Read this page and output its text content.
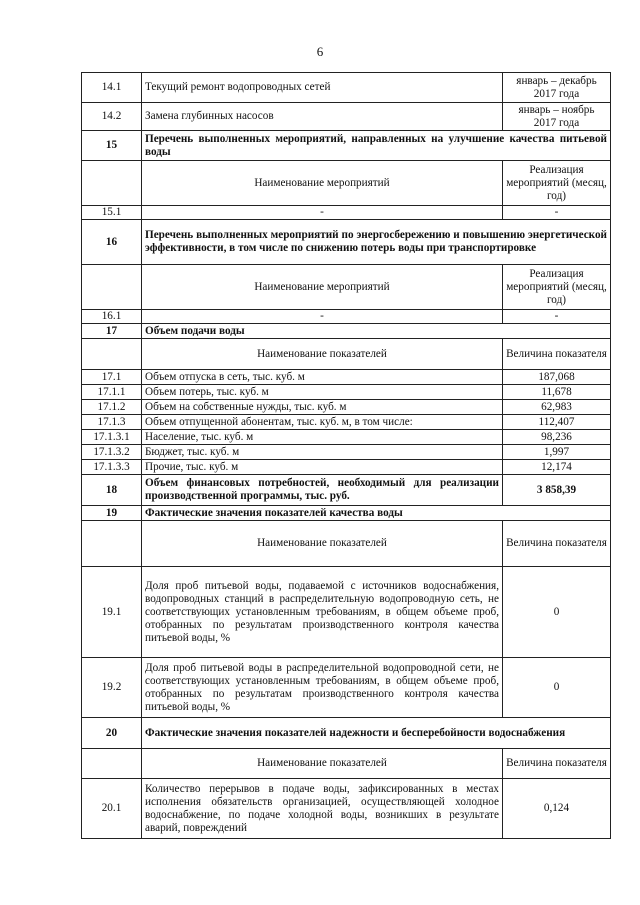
6
14.1	Текущий ремонт водопроводных сетей	январь – декабрь 2017 года
14.2	Замена глубинных насосов	январь – ноябрь 2017 года
15	Перечень выполненных мероприятий, направленных на улучшение качества питьевой воды	
	Наименование мероприятий	Реализация мероприятий (месяц, год)
15.1	-	-
16	Перечень выполненных мероприятий по энергосбережению и повышению энергетической эффективности, в том числе по снижению потерь воды при транспортировке	
	Наименование мероприятий	Реализация мероприятий (месяц, год)
16.1	-	-
17	Объем подачи воды	
	Наименование показателей	Величина показателя
17.1	Объем отпуска в сеть, тыс. куб. м	187,068
17.1.1	Объем потерь, тыс. куб. м	11,678
17.1.2	Объем на собственные нужды, тыс. куб. м	62,983
17.1.3	Объем отпущенной абонентам, тыс. куб. м, в том числе:	112,407
17.1.3.1	Население, тыс. куб. м	98,236
17.1.3.2	Бюджет, тыс. куб. м	1,997
17.1.3.3	Прочие, тыс. куб. м	12,174
18	Объем финансовых потребностей, необходимый для реализации производственной программы, тыс. руб.	3 858,39
19	Фактические значения показателей качества воды	
	Наименование показателей	Величина показателя
19.1	Доля проб питьевой воды, подаваемой с источников водоснабжения, водопроводных станций в распределительную водопроводную сеть, не соответствующих установленным требованиям, в общем объеме проб, отобранных по результатам производственного контроля качества питьевой воды, %	0
19.2	Доля проб питьевой воды в распределительной водопроводной сети, не соответствующих установленным требованиям, в общем объеме проб, отобранных по результатам производственного контроля качества питьевой воды, %	0
20	Фактические значения показателей надежности и бесперебойности водоснабжения	
	Наименование показателей	Величина показателя
20.1	Количество перерывов в подаче воды, зафиксированных в местах исполнения обязательств организацией, осуществляющей холодное водоснабжение, по подаче холодной воды, возникших в результате аварий, повреждений	0,124
